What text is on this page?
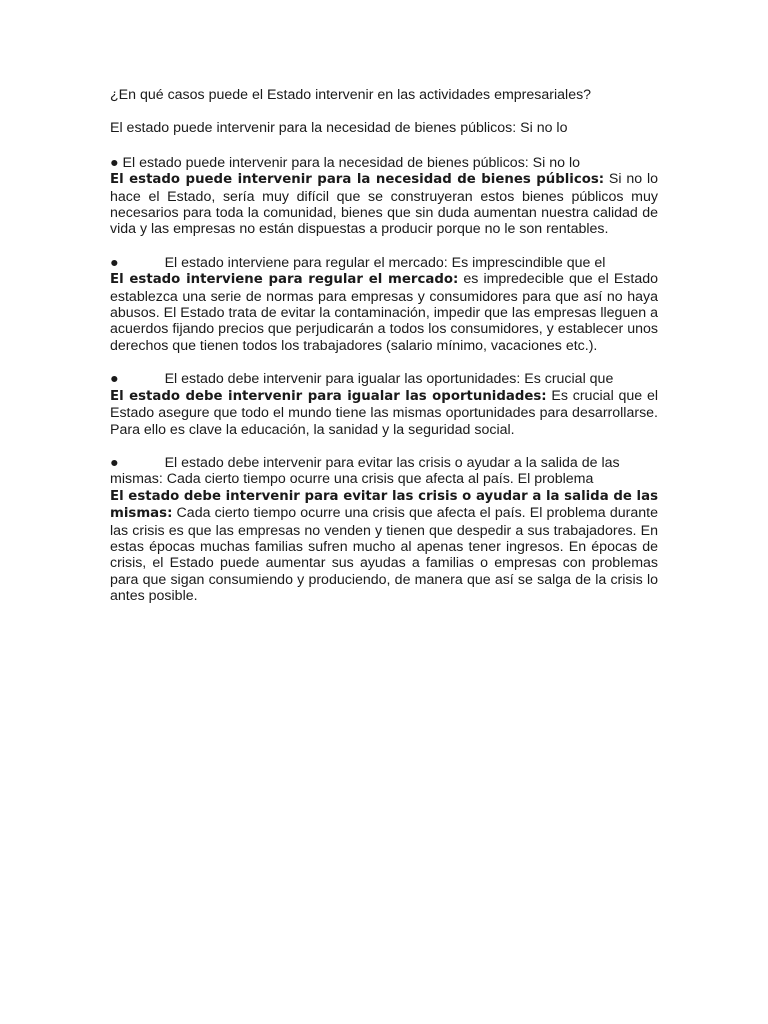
¿En qué casos puede el Estado intervenir en las actividades empresariales?

El estado puede intervenir para la necesidad de bienes públicos: Si no lo

● El estado puede intervenir para la necesidad de bienes públicos: Si no lo

El estado puede intervenir para la necesidad de bienes públicos: Si no lo hace el Estado, sería muy difícil que se construyeran estos bienes públicos muy necesarios para toda la comunidad, bienes que sin duda aumentan nuestra calidad de vida y las empresas no están dispuestas a producir porque no le son rentables.

●	El estado interviene para regular el mercado: Es imprescindible que el

El estado interviene para regular el mercado: es impredecible que el Estado establezca una serie de normas para empresas y consumidores para que así no haya abusos. El Estado trata de evitar la contaminación, impedir que las empresas lleguen a acuerdos fijando precios que perjudicarán a todos los consumidores, y establecer unos derechos que tienen todos los trabajadores (salario mínimo, vacaciones etc.).

●	El estado debe intervenir para igualar las oportunidades: Es crucial que

El estado debe intervenir para igualar las oportunidades: Es crucial que el Estado asegure que todo el mundo tiene las mismas oportunidades para desarrollarse. Para ello es clave la educación, la sanidad y la seguridad social.

●	El estado debe intervenir para evitar las crisis o ayudar a la salida de las

mismas: Cada cierto tiempo ocurre una crisis que afecta al país. El problema

El estado debe intervenir para evitar las crisis o ayudar a la salida de las mismas: Cada cierto tiempo ocurre una crisis que afecta el país. El problema durante las crisis es que las empresas no venden y tienen que despedir a sus trabajadores. En estas épocas muchas familias sufren mucho al apenas tener ingresos. En épocas de crisis, el Estado puede aumentar sus ayudas a familias o empresas con problemas para que sigan consumiendo y produciendo, de manera que así se salga de la crisis lo antes posible.
